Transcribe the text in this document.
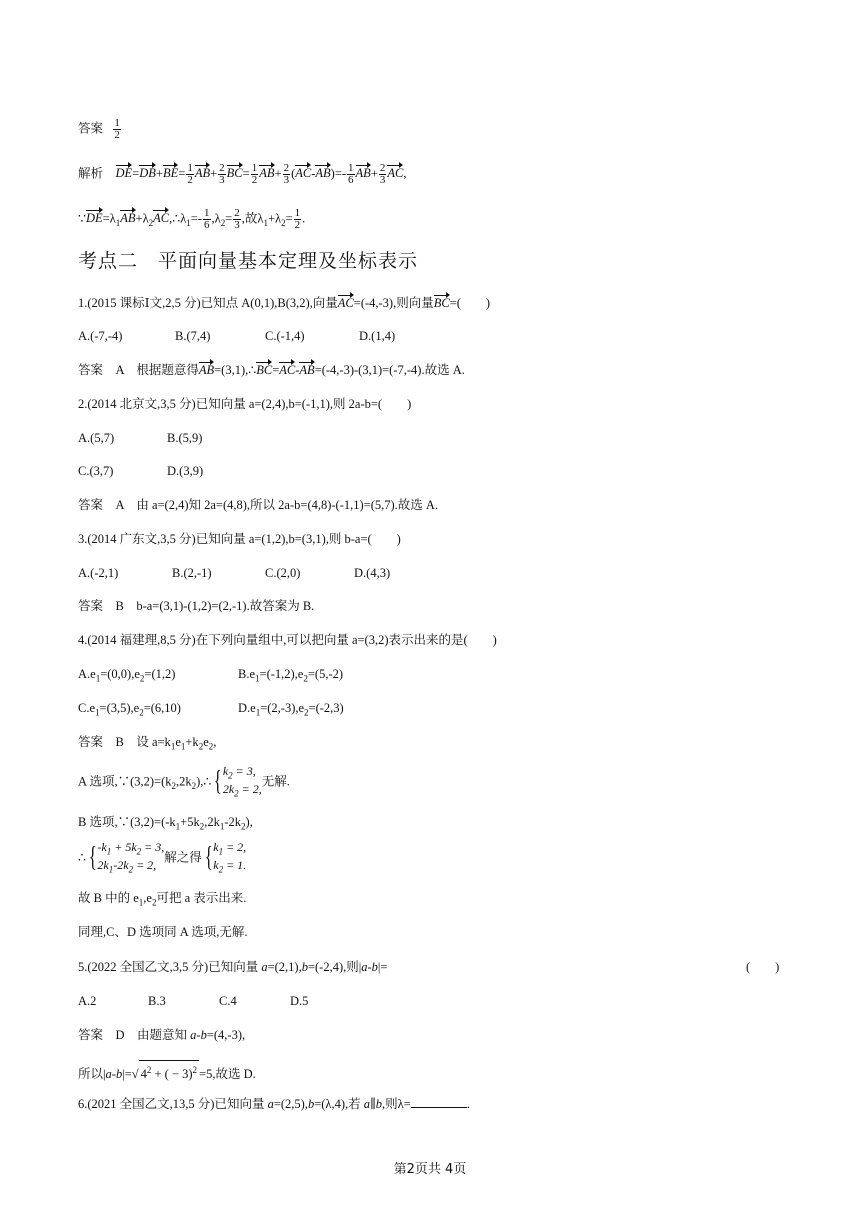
答案 $\frac{1}{2}$
解析 $DE=DB+BE= \frac{1}{2} AB+ \frac{2}{3} BC= \frac{1}{2} AB+ \frac{2}{3} (AC-AB)=- \frac{1}{6} AB+ \frac{2}{3}$ AC,
$\because DE=\lambda_1AB+\lambda_2AC,\therefore\lambda_1=- \frac{1}{6} ,\lambda_2= \frac{2}{3}$ ,故$\lambda_1+\lambda_2= \frac{1}{2}$ .
考点二　平面向量基本定理及坐标表示
1.(2015 课标Ⅰ文,2,5 分)已知点 A(0,1),B(3,2),向量AC=(-4,-3),则向量BC=(　　)
A.(-7,-4)	B.(7,4)	C.(-1,4)	D.(1,4)
答案　A　根据题意得AB=(3,1),∴BC=AC-AB=(-4,-3)-(3,1)=(-7,-4).故选 A.
2.(2014 北京文,3,5 分)已知向量 a=(2,4),b=(-1,1),则 2a-b=(　　)
A.(5,7)	B.(5,9)
C.(3,7)	D.(3,9)
答案　A　由 a=(2,4)知 2a=(4,8),所以 2a-b=(4,8)-(-1,1)=(5,7).故选 A.
3.(2014 广东文,3,5 分)已知向量 a=(1,2),b=(3,1),则 b-a=(　　)
A.(-2,1)	B.(2,-1)	C.(2,0)	D.(4,3)
答案　B　b-a=(3,1)-(1,2)=(2,-1).故答案为 B.
4.(2014 福建理,8,5 分)在下列向量组中,可以把向量 a=(3,2)表示出来的是(　　)
$A.e_1=(0,0),e_2=(1,2)$	$B.e_1=(-1,2),e_2=(5,-2)$
$C.e_1=(3,5),e_2=(6,10)$	$D.e_1=(2,-3),e_2=(-2,3)$
答案　B　设 $a=k_1e_1+k_2e_2$,
A 选项$,\because(3,2)=(k_2,2k_2),\therefore\{k_2 = 3$,
$2k_2 = 2$,无解.
B 选项$,\because(3,2)=(-k_1+5k_2,2k_1-2k_2)$,
$\therefore\{-k_1 + 5k_2 = 3$,
$2k_1-2k_2 = 2$,解之得{$k_1 = 2$,
$k_2 = 1$.
故 B 中的 $e_1,e_2$可把 a 表示出来.
同理,C、D 选项同 A 选项,无解.
5.(2022 全国乙文,3,5 分)已知向量 a=(2,1),b=(-2,4),则|a-b|=	(　　)
A.2	B.3	C.4	D.5
答案　D　由题意知 a-b=(4,-3),
所以|a-b|=√ $4^2$ + ( − 3)$^2$ =5,故选 D.
6.(2021 全国乙文,13,5 分)已知向量 a=(2,5),b=(λ,4),若 a∥b,则λ=	.
第2页共 4页
